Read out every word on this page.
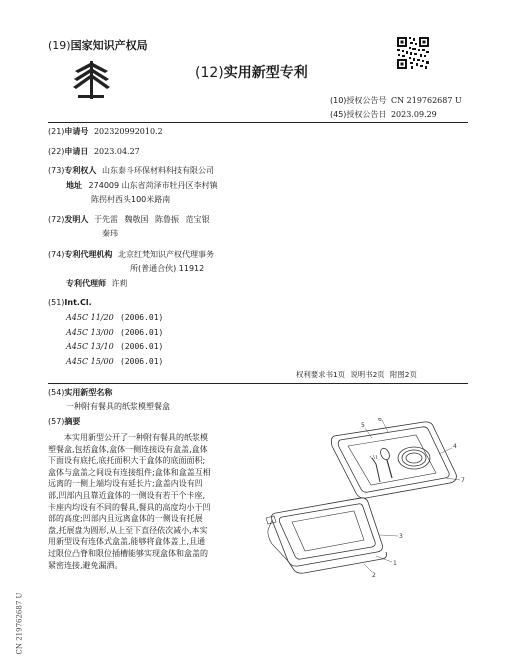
(19)国家知识产权局
(12)实用新型专利
(10)授权公告号 CN 219762687 U
(45)授权公告日 2023.09.29
(21)申请号 202320992010.2
(22)申请日 2023.04.27
(73)专利权人 山东泰斗环保材料科技有限公司
地址 274009 山东省菏泽市牡丹区李村镇
陈拐村西头100米路南
(72)发明人 于先雷 魏敬国 陈鲁振 范宝银
秦玮
(74)专利代理机构 北京红梵知识产权代理事务
所(普通合伙) 11912
专利代理师 许莉
(51)Int.Cl.
A45C 11/20 (2006.01)
A45C 13/00 (2006.01)
A45C 13/10 (2006.01)
A45C 15/00 (2006.01)
权利要求书1页 说明书2页 附图2页
(54)实用新型名称
一种附有餐具的纸浆模塑餐盒
(57)摘要
本实用新型公开了一种附有餐具的纸浆模
塑餐盒,包括盒体,盒体一侧连接设有盒盖,盒体
下面设有底托,底托面积大于盒体的底面面积;
盒体与盒盖之间设有连接组件;盒体和盒盖互相
远离的一侧上端均设有延长片;盒盖内设有凹
部,凹部内且靠近盒体的一侧设有若干个卡座,
卡座内均设有不同的餐具,餐具的高度均小于凹
部的高度;凹部内且远离盒体的一侧设有托展
盘,托展盘为圆形,从上至下直径依次减小,本实
用新型设有连体式盒盖,能够将盒体盖上,且通
过限位凸脊和限位插槽能够实现盒体和盒盖的
紧密连接,避免漏洒。
5
6
4
7
3
1
2
CN 219762687 U
